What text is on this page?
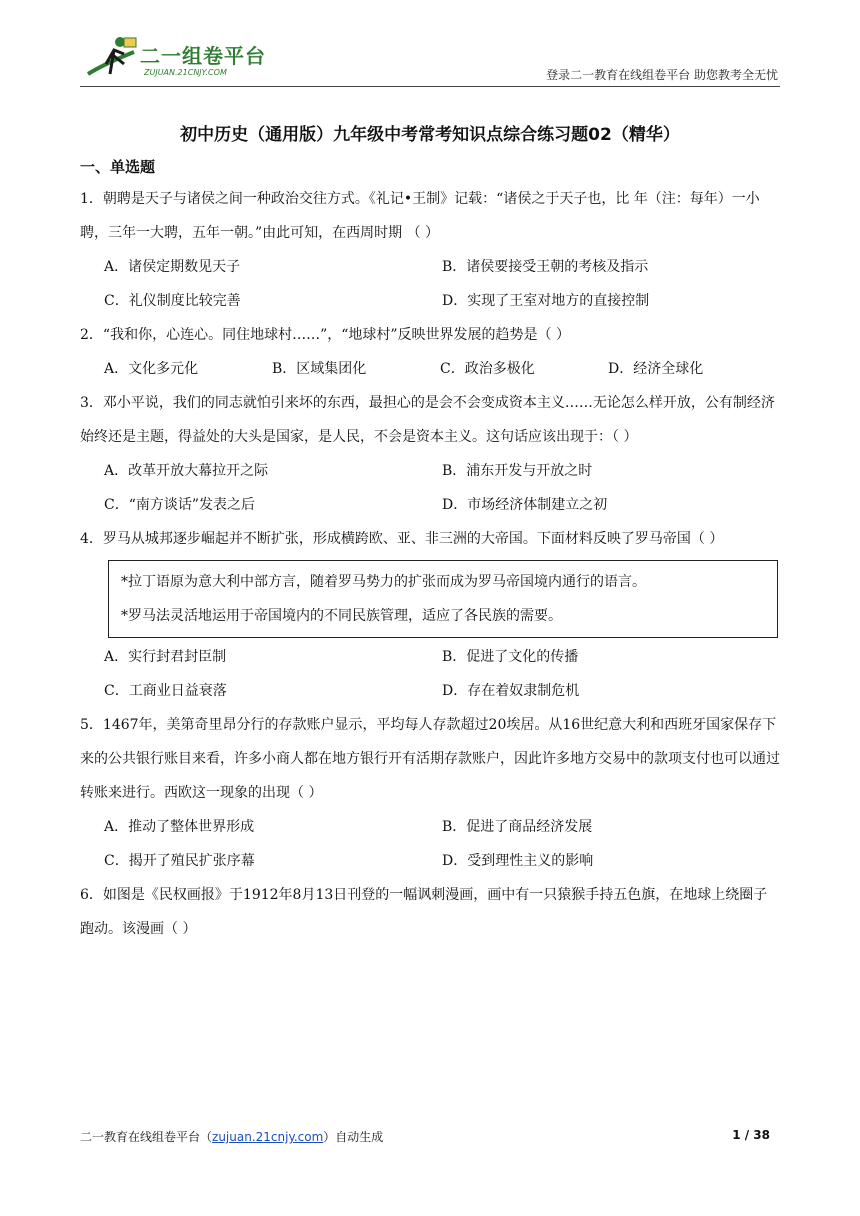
二一组卷平台
ZUJUAN.21CNJY.COM	登录二一教育在线组卷平台 助您教考全无忧
初中历史（通用版）九年级中考常考知识点综合练习题02（精华）
一、单选题

1．朝聘是天子与诸侯之间一种政治交往方式。《礼记•王制》记载：“诸侯之于天子也，比 年（注：每年）一小聘，三年一大聘，五年一朝。”由此可知，在西周时期 （ ）

A．诸侯定期数见天子	B．诸侯要接受王朝的考核及指示
C．礼仪制度比较完善	D．实现了王室对地方的直接控制

2．“我和你，心连心。同住地球村……”，“地球村”反映世界发展的趋势是（ ）

A．文化多元化	B．区域集团化	C．政治多极化	D．经济全球化

3．邓小平说，我们的同志就怕引来坏的东西，最担心的是会不会变成资本主义……无论怎么样开放，公有制经济始终还是主题，得益处的大头是国家，是人民，不会是资本主义。这句话应该出现于：（ ）

A．改革开放大幕拉开之际	B．浦东开发与开放之时
C．“南方谈话”发表之后	D．市场经济体制建立之初

4．罗马从城邦逐步崛起并不断扩张，形成横跨欧、亚、非三洲的大帝国。下面材料反映了罗马帝国（ ）

*拉丁语原为意大利中部方言，随着罗马势力的扩张而成为罗马帝国境内通行的语言。

*罗马法灵活地运用于帝国境内的不同民族管理，适应了各民族的需要。

A．实行封君封臣制	B．促进了文化的传播
C．工商业日益衰落	D．存在着奴隶制危机

5．1467年，美第奇里昂分行的存款账户显示，平均每人存款超过20埃居。从16世纪意大利和西班牙国家保存下来的公共银行账目来看，许多小商人都在地方银行开有活期存款账户，因此许多地方交易中的款项支付也可以通过转账来进行。西欧这一现象的出现（ ）

A．推动了整体世界形成	B．促进了商品经济发展
C．揭开了殖民扩张序幕	D．受到理性主义的影响

6．如图是《民权画报》于1912年8月13日刊登的一幅讽刺漫画，画中有一只猿猴手持五色旗，在地球上绕圈子跑动。该漫画（ ）

二一教育在线组卷平台（zujuan.21cnjy.com）自动生成	1 / 38
